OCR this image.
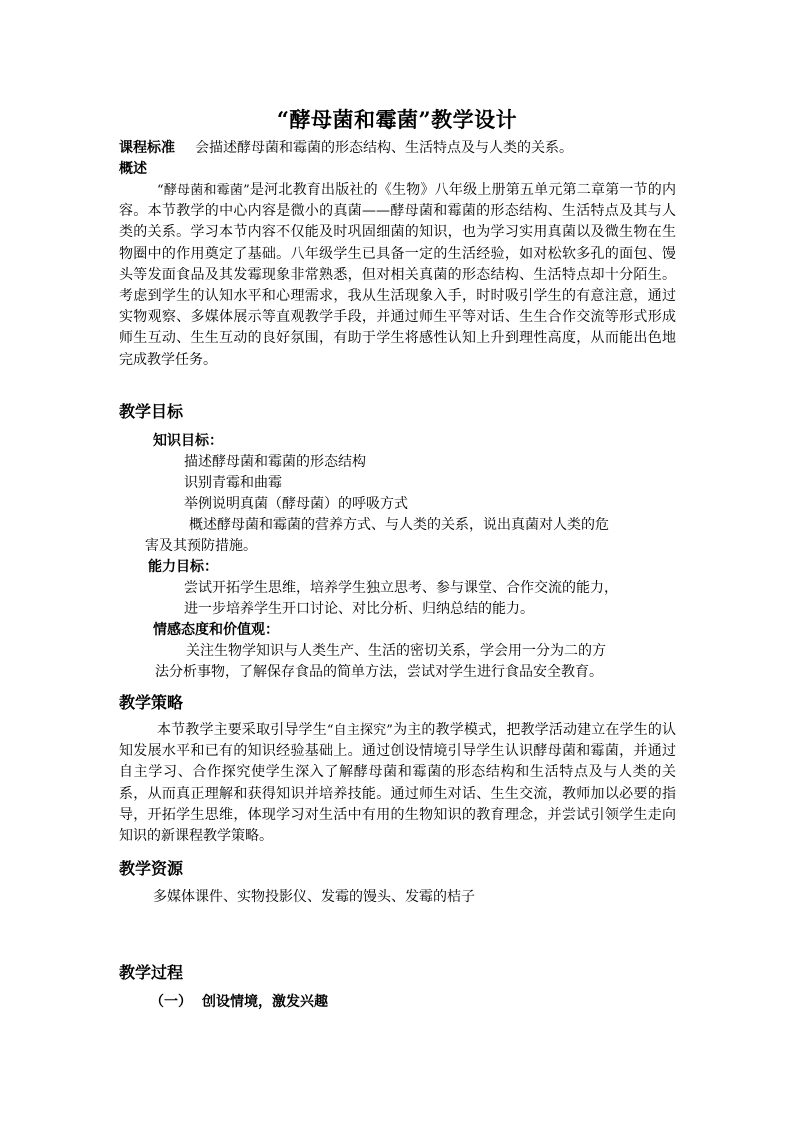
“酵母菌和霉菌”教学设计
课程标准 会描述酵母菌和霉菌的形态结构、生活特点及与人类的关系。
概述
“酵母菌和霉菌”是河北教育出版社的《生物》八年级上册第五单元第二章第一节的内容。本节教学的中心内容是微小的真菌——酵母菌和霉菌的形态结构、生活特点及其与人类的关系。学习本节内容不仅能及时巩固细菌的知识，也为学习实用真菌以及微生物在生物圈中的作用奠定了基础。八年级学生已具备一定的生活经验，如对松软多孔的面包、馒头等发面食品及其发霉现象非常熟悉，但对相关真菌的形态结构、生活特点却十分陌生。考虑到学生的认知水平和心理需求，我从生活现象入手，时时吸引学生的有意注意，通过实物观察、多媒体展示等直观教学手段，并通过师生平等对话、生生合作交流等形式形成师生互动、生生互动的良好氛围，有助于学生将感性认知上升到理性高度，从而能出色地完成教学任务。
教学目标
知识目标：
描述酵母菌和霉菌的形态结构
识别青霉和曲霉
举例说明真菌（酵母菌）的呼吸方式
概述酵母菌和霉菌的营养方式、与人类的关系，说出真菌对人类的危
害及其预防措施。
能力目标：
尝试开拓学生思维，培养学生独立思考、参与课堂、合作交流的能力，
进一步培养学生开口讨论、对比分析、归纳总结的能力。
情感态度和价值观：
关注生物学知识与人类生产、生活的密切关系，学会用一分为二的方
法分析事物，了解保存食品的简单方法，尝试对学生进行食品安全教育。
教学策略
本节教学主要采取引导学生“自主探究”为主的教学模式，把教学活动建立在学生的认知发展水平和已有的知识经验基础上。通过创设情境引导学生认识酵母菌和霉菌，并通过自主学习、合作探究使学生深入了解酵母菌和霉菌的形态结构和生活特点及与人类的关系，从而真正理解和获得知识并培养技能。通过师生对话、生生交流，教师加以必要的指导，开拓学生思维，体现学习对生活中有用的生物知识的教育理念，并尝试引领学生走向知识的新课程教学策略。
教学资源
多媒体课件、实物投影仪、发霉的馒头、发霉的桔子
教学过程
（一） 创设情境，激发兴趣
